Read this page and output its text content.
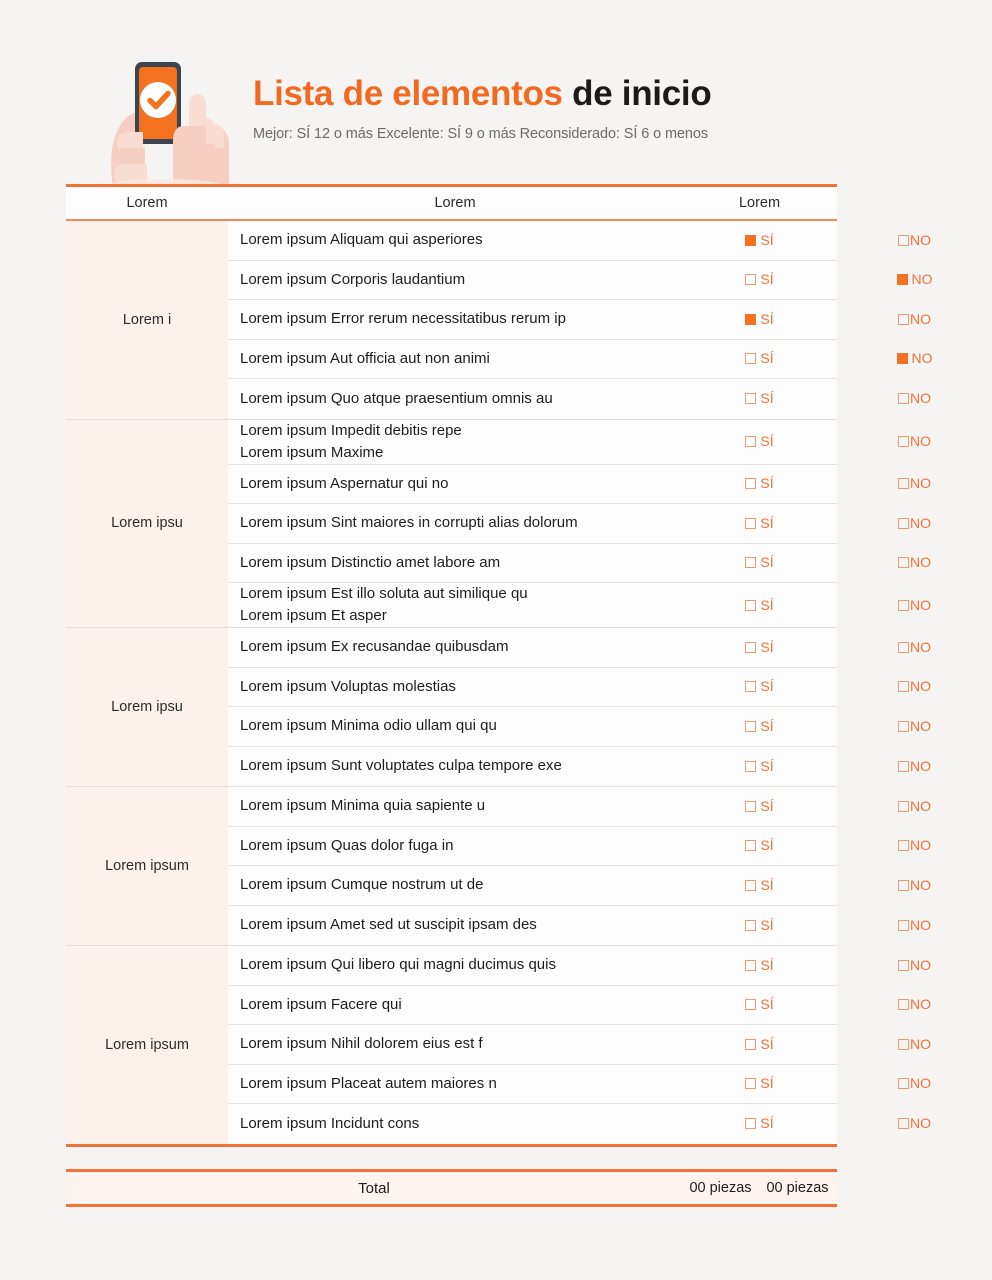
Lista de elementos de inicio
Mejor: SÍ 12 o más Excelente: SÍ 9 o más Reconsiderado: SÍ 6 o menos
Lorem	Lorem	Lorem
Lorem i
Lorem ipsum Aliquam qui asperiores	SÍ	NO
Lorem ipsum Corporis laudantium	SÍ	NO
Lorem ipsum Error rerum necessitatibus rerum ip	SÍ	NO
Lorem ipsum Aut officia aut non animi	SÍ	NO
Lorem ipsum Quo atque praesentium omnis au	SÍ	NO
Lorem ipsu
Lorem ipsum Impedit debitis repe
Lorem ipsum Maxime
SÍ	NO
Lorem ipsum Aspernatur qui no	SÍ	NO
Lorem ipsum Sint maiores in corrupti alias dolorum	SÍ	NO
Lorem ipsum Distinctio amet labore am	SÍ	NO
Lorem ipsum Est illo soluta aut similique qu
Lorem ipsum Et asper
SÍ	NO
Lorem ipsu
Lorem ipsum Ex recusandae quibusdam	SÍ	NO
Lorem ipsum Voluptas molestias	SÍ	NO
Lorem ipsum Minima odio ullam qui qu	SÍ	NO
Lorem ipsum Sunt voluptates culpa tempore exe	SÍ	NO
Lorem ipsum
Lorem ipsum Minima quia sapiente u	SÍ	NO
Lorem ipsum Quas dolor fuga in	SÍ	NO
Lorem ipsum Cumque nostrum ut de	SÍ	NO
Lorem ipsum Amet sed ut suscipit ipsam des	SÍ	NO
Lorem ipsum
Lorem ipsum Qui libero qui magni ducimus quis	SÍ	NO
Lorem ipsum Facere qui	SÍ	NO
Lorem ipsum Nihil dolorem eius est f	SÍ	NO
Lorem ipsum Placeat autem maiores n	SÍ	NO
Lorem ipsum Incidunt cons	SÍ	NO
Total	00 piezas	00 piezas
